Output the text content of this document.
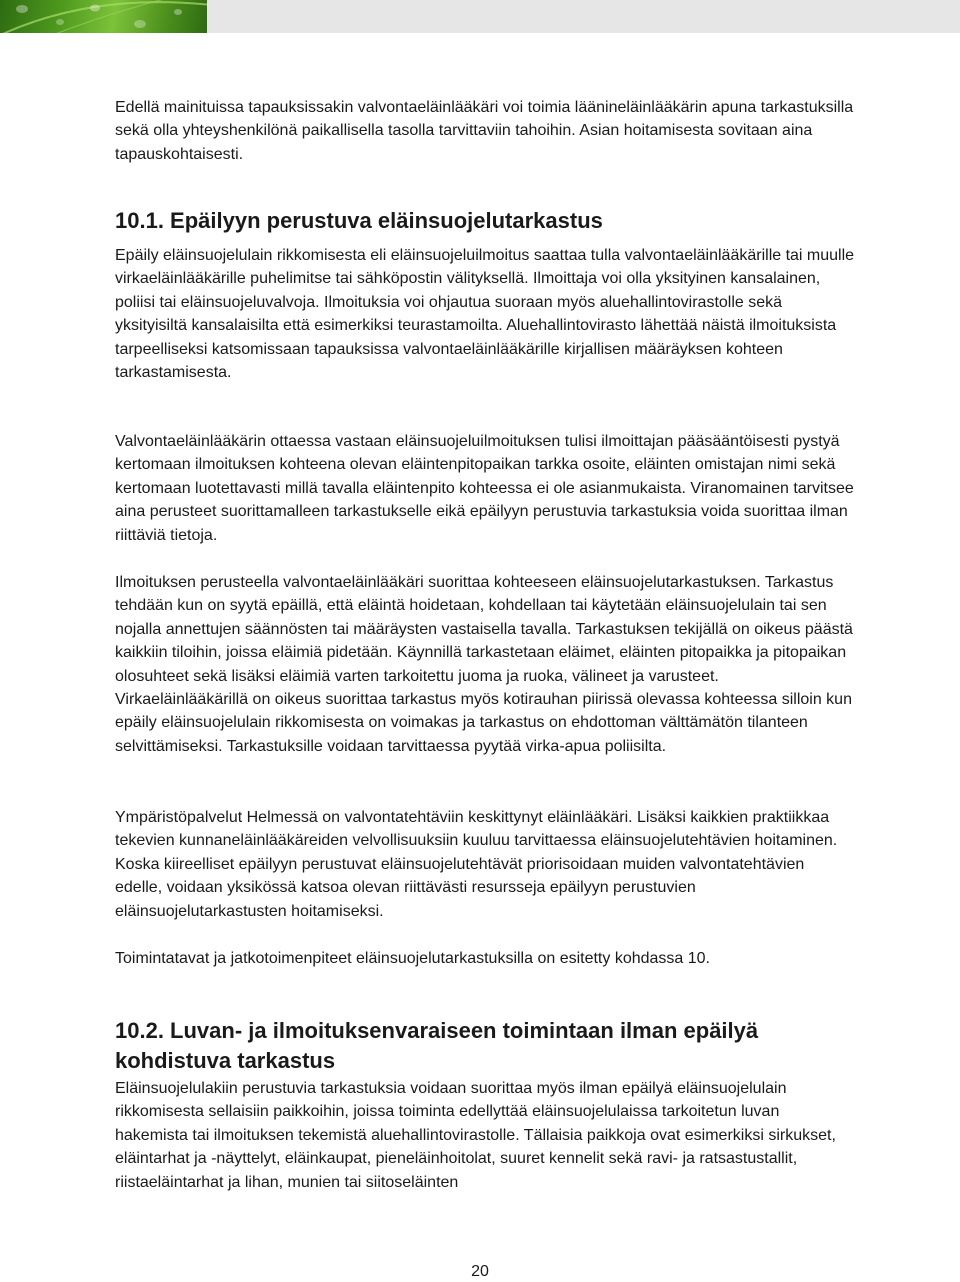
Edellä mainituissa tapauksissakin valvontaeläinlääkäri voi toimia läänineläinlääkärin apuna tarkastuksilla sekä olla yhteyshenkilönä paikallisella tasolla tarvittaviin tahoihin. Asian hoitamisesta sovitaan aina tapauskohtaisesti.

10.1. Epäilyyn perustuva eläinsuojelutarkastus

Epäily eläinsuojelulain rikkomisesta eli eläinsuojeluilmoitus saattaa tulla valvontaeläinlääkärille tai muulle virkaeläinlääkärille puhelimitse tai sähköpostin välityksellä. Ilmoittaja voi olla yksityinen kansalainen, poliisi tai eläinsuojeluvalvoja. Ilmoituksia voi ohjautua suoraan myös aluehallintovirastolle sekä yksityisiltä kansalaisilta että esimerkiksi teurastamoilta. Aluehallintovirasto lähettää näistä ilmoituksista tarpeelliseksi katsomissaan tapauksissa valvontaeläinlääkärille kirjallisen määräyksen kohteen tarkastamisesta.

Valvontaeläinlääkärin ottaessa vastaan eläinsuojeluilmoituksen tulisi ilmoittajan pääsääntöisesti pystyä kertomaan ilmoituksen kohteena olevan eläintenpitopaikan tarkka osoite, eläinten omistajan nimi sekä kertomaan luotettavasti millä tavalla eläintenpito kohteessa ei ole asianmukaista. Viranomainen tarvitsee aina perusteet suorittamalleen tarkastukselle eikä epäilyyn perustuvia tarkastuksia voida suorittaa ilman riittäviä tietoja.

Ilmoituksen perusteella valvontaeläinlääkäri suorittaa kohteeseen eläinsuojelutarkastuksen. Tarkastus tehdään kun on syytä epäillä, että eläintä hoidetaan, kohdellaan tai käytetään eläinsuojelulain tai sen nojalla annettujen säännösten tai määräysten vastaisella tavalla. Tarkastuksen tekijällä on oikeus päästä kaikkiin tiloihin, joissa eläimiä pidetään. Käynnillä tarkastetaan eläimet, eläinten pitopaikka ja pitopaikan olosuhteet sekä lisäksi eläimiä varten tarkoitettu juoma ja ruoka, välineet ja varusteet. Virkaeläinlääkärillä on oikeus suorittaa tarkastus myös kotirauhan piirissä olevassa kohteessa silloin kun epäily eläinsuojelulain rikkomisesta on voimakas ja tarkastus on ehdottoman välttämätön tilanteen selvittämiseksi. Tarkastuksille voidaan tarvittaessa pyytää virka-apua poliisilta.

Ympäristöpalvelut Helmessä on valvontatehtäviin keskittynyt eläinlääkäri. Lisäksi kaikkien praktiikkaa tekevien kunnaneläinlääkäreiden velvollisuuksiin kuuluu tarvittaessa eläinsuojelutehtävien hoitaminen. Koska kiireelliset epäilyyn perustuvat eläinsuojelutehtävät priorisoidaan muiden valvontatehtävien edelle, voidaan yksikössä katsoa olevan riittävästi resursseja epäilyyn perustuvien eläinsuojelutarkastusten hoitamiseksi.

Toimintatavat ja jatkotoimenpiteet eläinsuojelutarkastuksilla on esitetty kohdassa 10.

10.2. Luvan- ja ilmoituksenvaraiseen toimintaan ilman epäilyä kohdistuva tarkastus

Eläinsuojelulakiin perustuvia tarkastuksia voidaan suorittaa myös ilman epäilyä eläinsuojelulain rikkomisesta sellaisiin paikkoihin, joissa toiminta edellyttää eläinsuojelulaissa tarkoitetun luvan hakemista tai ilmoituksen tekemistä aluehallintovirastolle. Tällaisia paikkoja ovat esimerkiksi sirkukset, eläintarhat ja -näyttelyt, eläinkaupat, pieneläinhoitolat, suuret kennelit sekä ravi- ja ratsastustallit, riistaeläintarhat ja lihan, munien tai siitoseläinten

20
